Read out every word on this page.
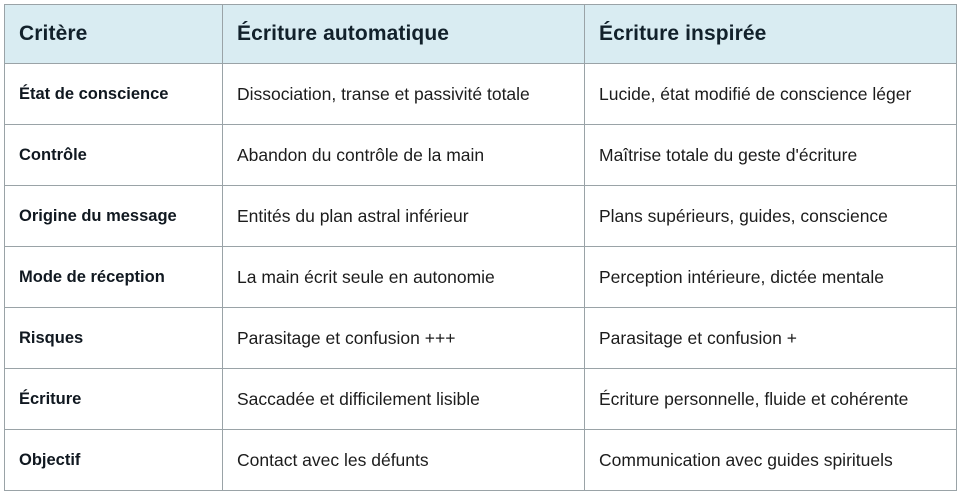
Critère	Écriture automatique	Écriture inspirée
État de conscience	Dissociation, transe et passivité totale	Lucide, état modifié de conscience léger
Contrôle	Abandon du contrôle de la main	Maîtrise totale du geste d'écriture
Origine du message	Entités du plan astral inférieur	Plans supérieurs, guides, conscience
Mode de réception	La main écrit seule en autonomie	Perception intérieure, dictée mentale
Risques	Parasitage et confusion +++	Parasitage et confusion +
Écriture	Saccadée et difficilement lisible	Écriture personnelle, fluide et cohérente
Objectif	Contact avec les défunts	Communication avec guides spirituels
